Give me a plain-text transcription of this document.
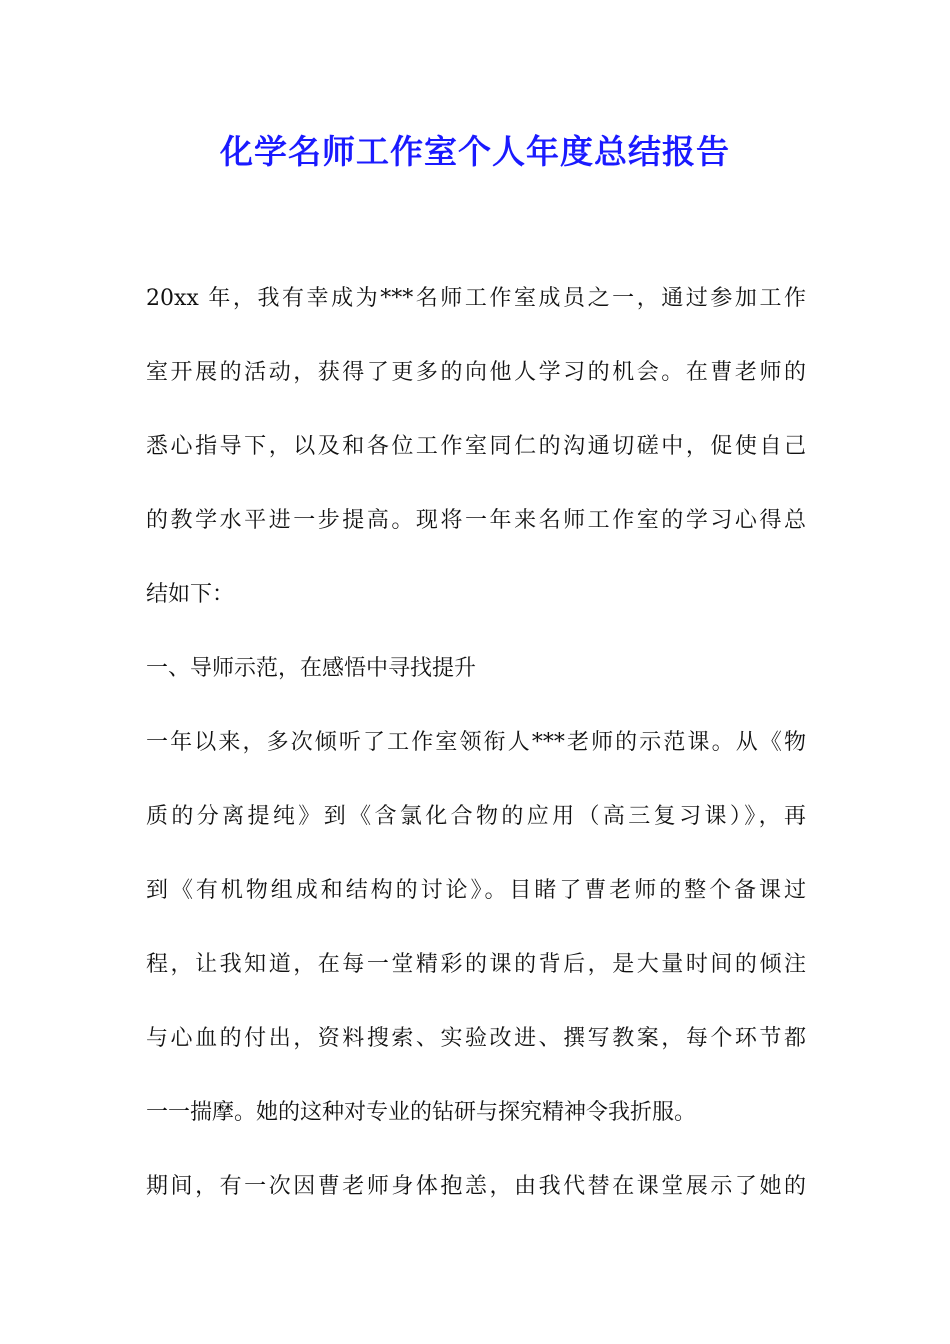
化学名师工作室个人年度总结报告
20xx 年，我有幸成为***名师工作室成员之一，通过参加工作
室开展的活动，获得了更多的向他人学习的机会。在曹老师的
悉心指导下，以及和各位工作室同仁的沟通切磋中，促使自己
的教学水平进一步提高。现将一年来名师工作室的学习心得总
结如下：
一、导师示范，在感悟中寻找提升
一年以来，多次倾听了工作室领衔人***老师的示范课。从《物
质的分离提纯》到《含氯化合物的应用（高三复习课）》，再
到《有机物组成和结构的讨论》。目睹了曹老师的整个备课过
程，让我知道，在每一堂精彩的课的背后，是大量时间的倾注
与心血的付出，资料搜索、实验改进、撰写教案，每个环节都
一一揣摩。她的这种对专业的钻研与探究精神令我折服。
期间，有一次因曹老师身体抱恙，由我代替在课堂展示了她的
